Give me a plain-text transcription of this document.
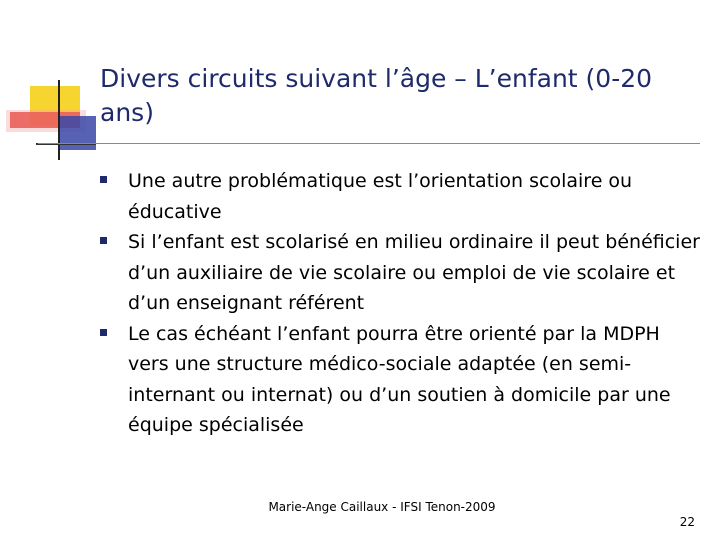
Divers circuits suivant l’âge – L’enfant (0-20 ans)
Une autre problématique est l’orientation scolaire ou éducative
Si l’enfant est scolarisé en milieu ordinaire il peut bénéficier d’un auxiliaire de vie scolaire ou emploi de vie scolaire et d’un enseignant référent
Le cas échéant l’enfant pourra être orienté par la MDPH vers une structure médico-sociale adaptée (en semi-internant ou internat) ou d’un soutien à domicile par une équipe spécialisée
Marie-Ange Caillaux - IFSI Tenon-2009
22
